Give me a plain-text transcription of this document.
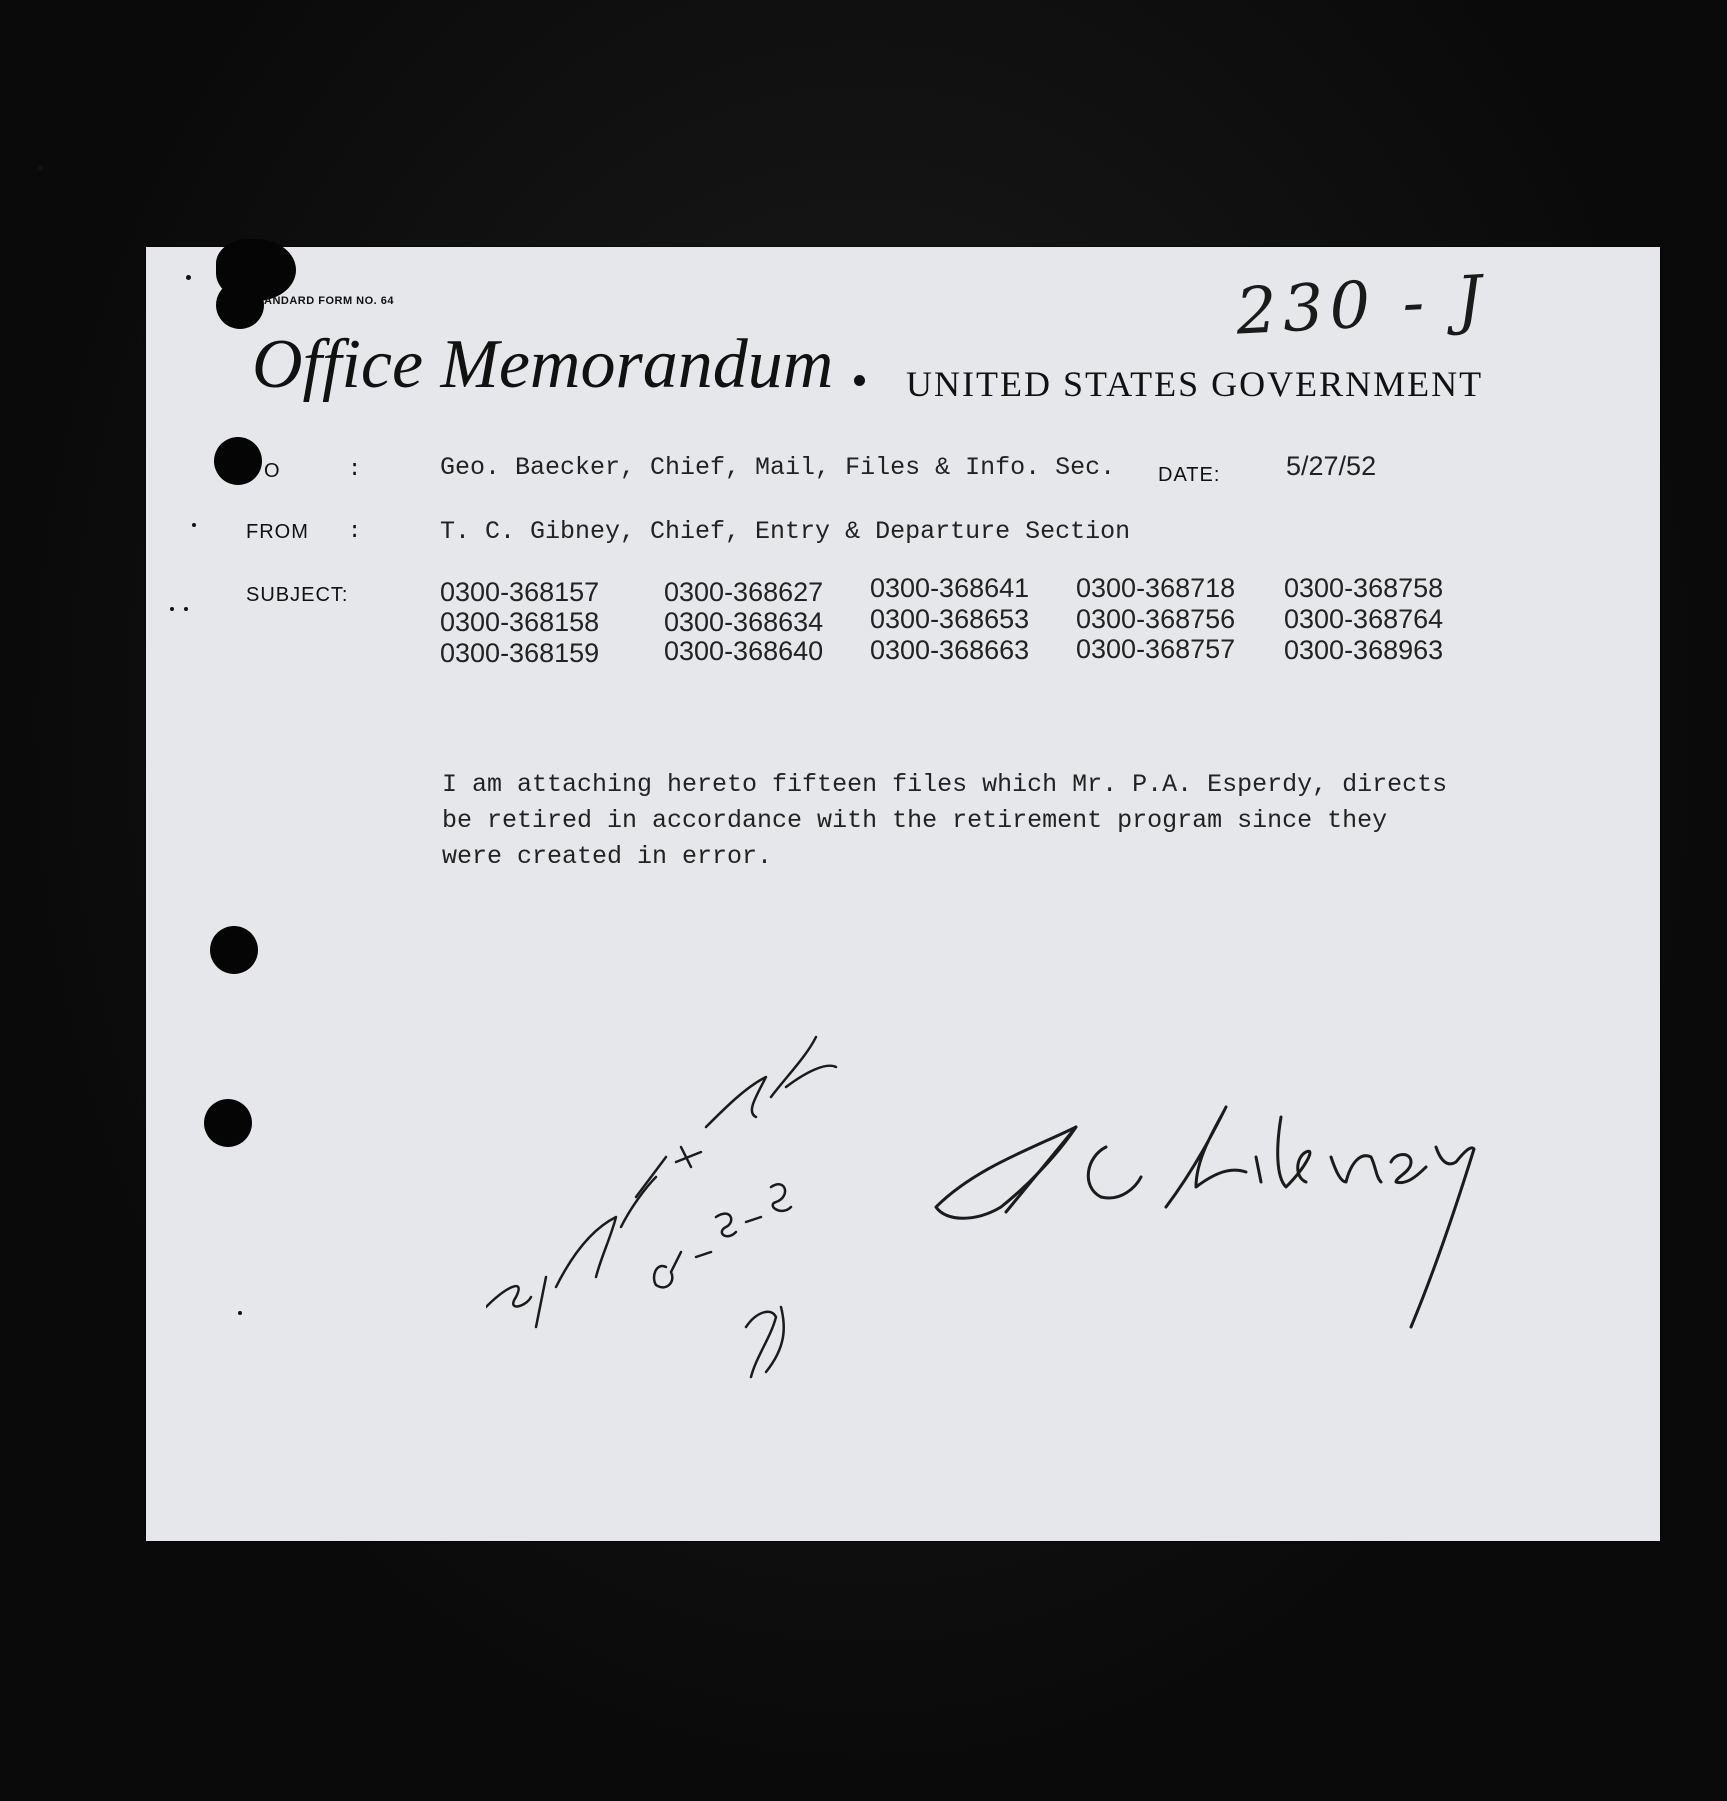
ANDARD FORM NO. 64	230 - J
Office Memorandum UNITED STATES GOVERNMENT
O	:	Geo. Baecker, Chief, Mail, Files & Info. Sec. DATE: 5/27/52
FROM :	T. C. Gibney, Chief, Entry & Departure Section
SUBJECT:	0300-368157 0300-368627 0300-368641 0300-368718 0300-368758
0300-368158 0300-368634 0300-368653 0300-368756 0300-368764
0300-368159 0300-368640 0300-368663 0300-368757 0300-368963
I am attaching hereto fifteen files which Mr. P.A. Esperdy, directs
be retired in accordance with the retirement program since they
were created in error.
